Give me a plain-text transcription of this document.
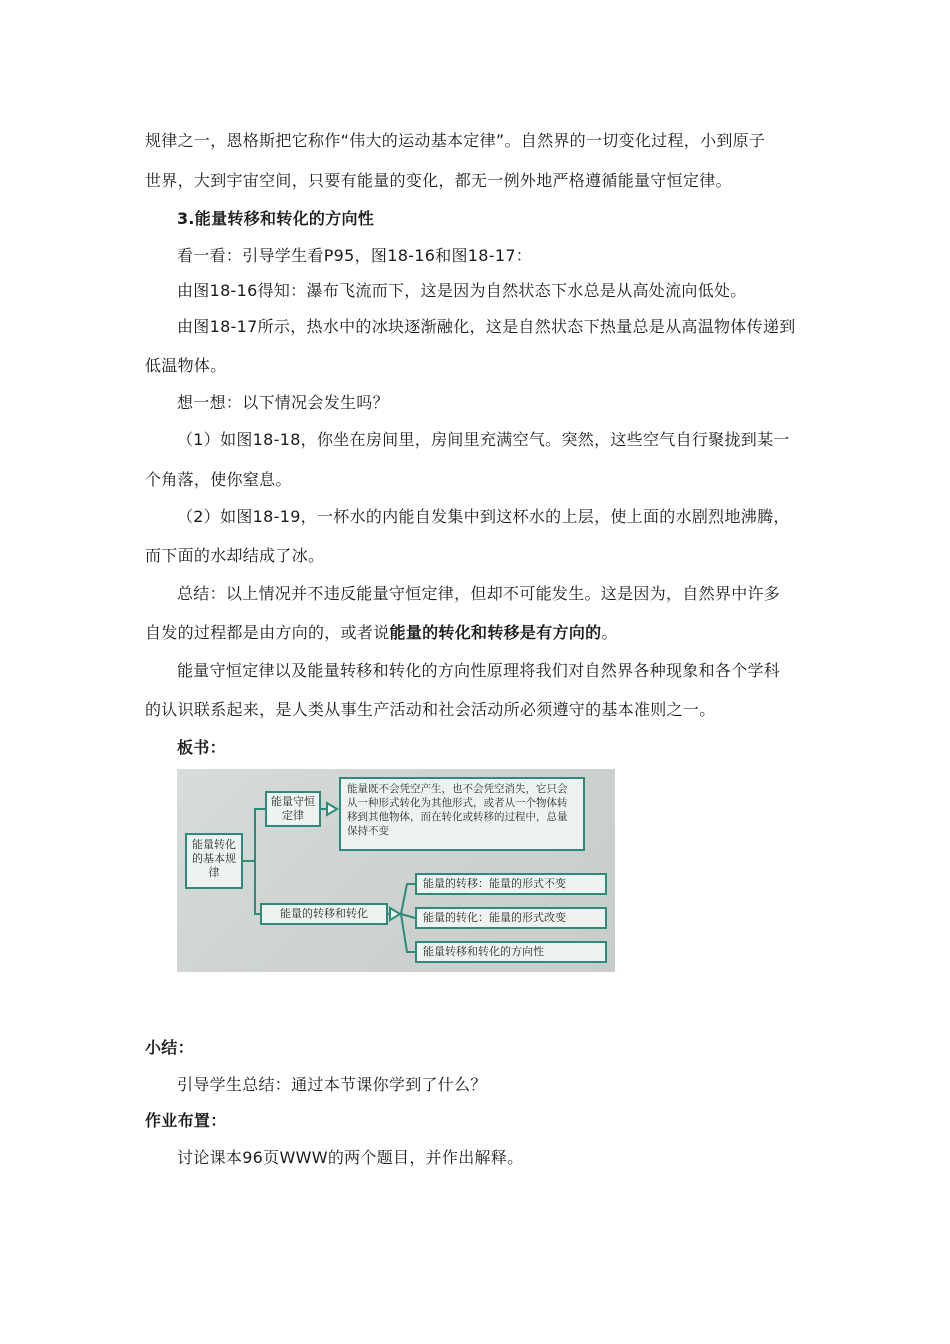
规律之一，恩格斯把它称作“伟大的运动基本定律”。自然界的一切变化过程，小到原子
世界，大到宇宙空间，只要有能量的变化，都无一例外地严格遵循能量守恒定律。
3.能量转移和转化的方向性
看一看：引导学生看P95，图18-16和图18-17：
由图18-16得知：瀑布飞流而下，这是因为自然状态下水总是从高处流向低处。
由图18-17所示，热水中的冰块逐渐融化，这是自然状态下热量总是从高温物体传递到
低温物体。
想一想：以下情况会发生吗？
（1）如图18-18，你坐在房间里，房间里充满空气。突然，这些空气自行聚拢到某一
个角落，使你窒息。
（2）如图18-19，一杯水的内能自发集中到这杯水的上层，使上面的水剧烈地沸腾，
而下面的水却结成了冰。
总结：以上情况并不违反能量守恒定律，但却不可能发生。这是因为，自然界中许多
自发的过程都是由方向的，或者说能量的转化和转移是有方向的。
能量守恒定律以及能量转移和转化的方向性原理将我们对自然界各种现象和各个学科
的认识联系起来，是人类从事生产活动和社会活动所必须遵守的基本准则之一。
板书：
能量转化的基本规律
能量守恒定律
能量既不会凭空产生，也不会凭空消失，它只会从一种形式转化为其他形式，或者从一个物体转移到其他物体，而在转化或转移的过程中，总量保持不变
能量的转移和转化
能量的转移：能量的形式不变
能量的转化：能量的形式改变
能量转移和转化的方向性
小结：
引导学生总结：通过本节课你学到了什么？
作业布置：
讨论课本96页WWW的两个题目，并作出解释。
